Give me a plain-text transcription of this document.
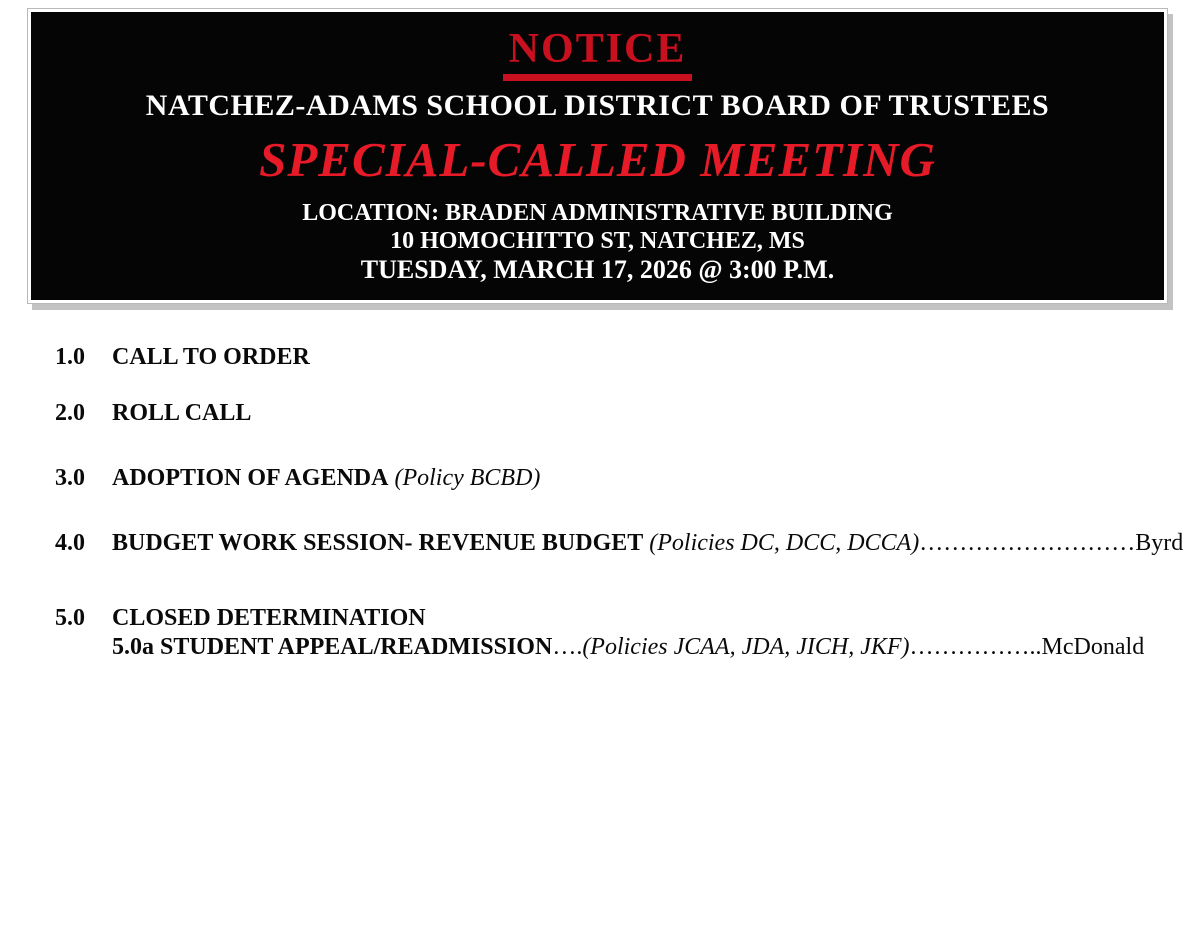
NOTICE
NATCHEZ-ADAMS SCHOOL DISTRICT BOARD OF TRUSTEES
SPECIAL-CALLED MEETING
LOCATION: BRADEN ADMINISTRATIVE BUILDING
10 HOMOCHITTO ST, NATCHEZ, MS
TUESDAY, MARCH 17, 2026 @ 3:00 P.M.
1.0	CALL TO ORDER
2.0	ROLL CALL
3.0	ADOPTION OF AGENDA (Policy BCBD)
4.0	BUDGET WORK SESSION- REVENUE BUDGET (Policies DC, DCC, DCCA)………………………Byrd
5.0	CLOSED DETERMINATION
5.0a STUDENT APPEAL/READMISSION….(Policies JCAA, JDA, JICH, JKF)……………..McDonald
